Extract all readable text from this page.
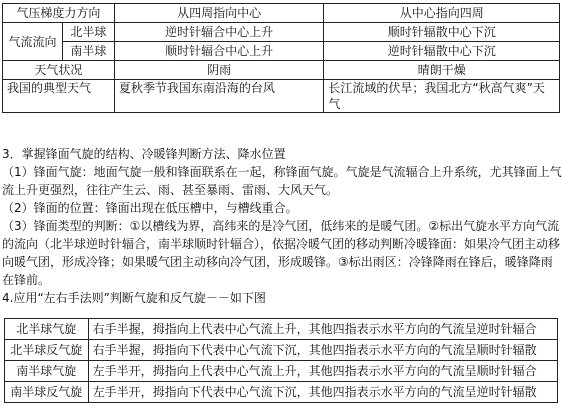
气压梯度力方向		从四周指向中心	从中心指向四周
气流流向	北半球	逆时针辐合中心上升	顺时针辐散中心下沉
	南半球	顺时针辐合中心上升	逆时针辐散中心下沉
天气状况		阴雨	晴朗干燥
我国的典型天气		夏秋季节我国东南沿海的台风	长江流域的伏旱；我国北方“秋高气爽”天
气
3．掌握锋面气旋的结构、冷暖锋判断方法、降水位置
（1）锋面气旋：地面气旋一般和锋面联系在一起，称锋面气旋。气旋是气流辐合上升系统，尤其锋面上气
流上升更强烈，往往产生云、雨、甚至暴雨、雷雨、大风天气。
（2）锋面的位置：锋面出现在低压槽中，与槽线重合。
（3）锋面类型的判断：①以槽线为界，高纬来的是冷气团，低纬来的是暖气团。②标出气旋水平方向气流
的流向（北半球逆时针辐合，南半球顺时针辐合），依据冷暖气团的移动判断冷暖锋面：如果冷气团主动移
向暖气团，形成冷锋；如果暖气团主动移向冷气团，形成暖锋。③标出雨区：冷锋降雨在锋后，暖锋降雨
在锋前。
4.应用“左右手法则”判断气旋和反气旋－－如下图
北半球气旋	右手半握，拇指向上代表中心气流上升，其他四指表示水平方向的气流呈逆时针辐合
北半球反气旋	右手半握，拇指向下代表中心气流下沉，其他四指表示水平方向的气流呈顺时针辐散
南半球气旋	左手半开，拇指向上代表中心气流上升，其他四指表示水平方向的气流呈顺时针辐合
南半球反气旋	左手半开，拇指向下代表中心气流下沉，其他四指表示水平方向的气流呈逆时针辐散
